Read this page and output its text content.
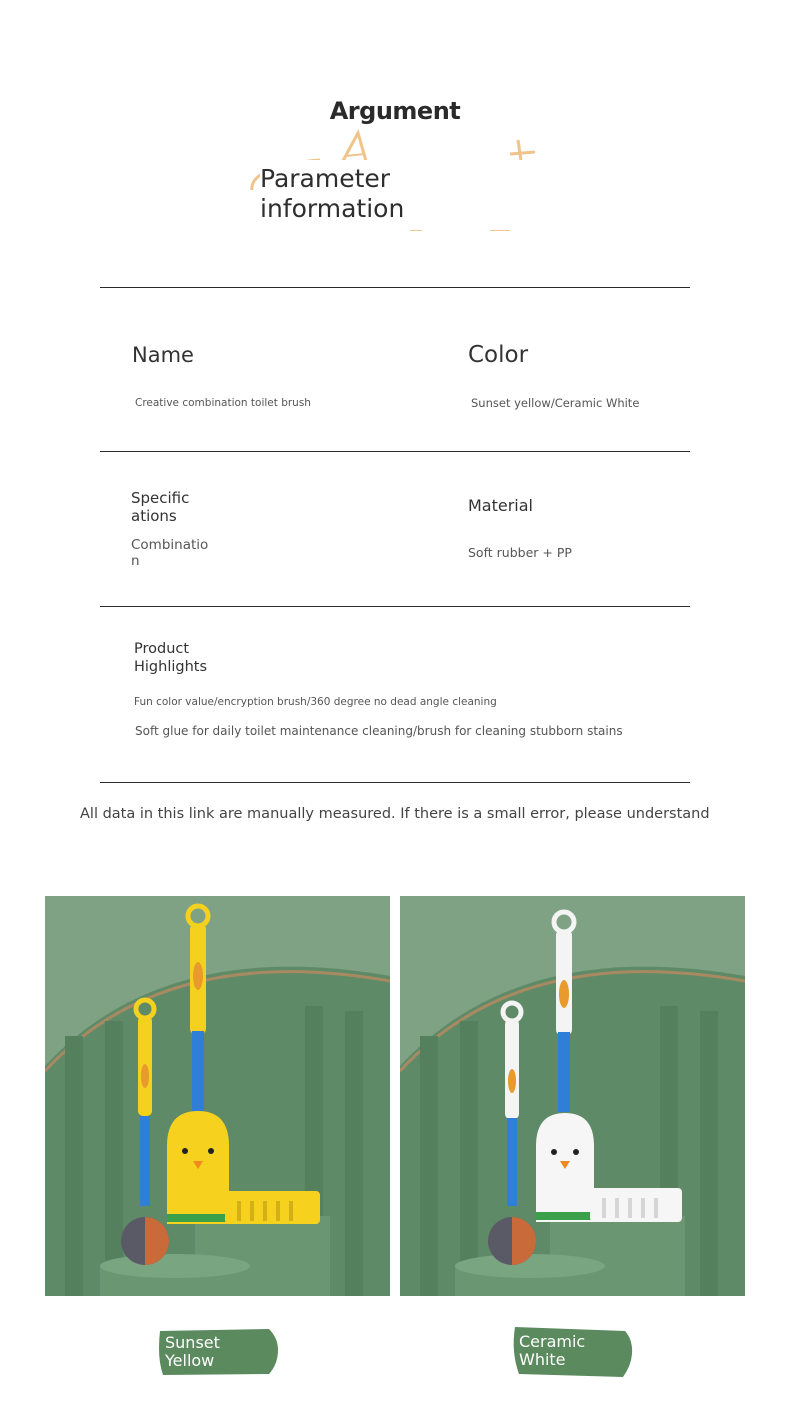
Argument
Parameter
information
Name
Creative combination toilet brush
Color
Sunset yellow/Ceramic White
Specific
ations
Combinatio
n
Material
Soft rubber + PP
Product
Highlights
Fun color value/encryption brush/360 degree no dead angle cleaning
Soft glue for daily toilet maintenance cleaning/brush for cleaning stubborn stains
All data in this link are manually measured. If there is a small error, please understand
Sunset
Yellow
Ceramic
White
